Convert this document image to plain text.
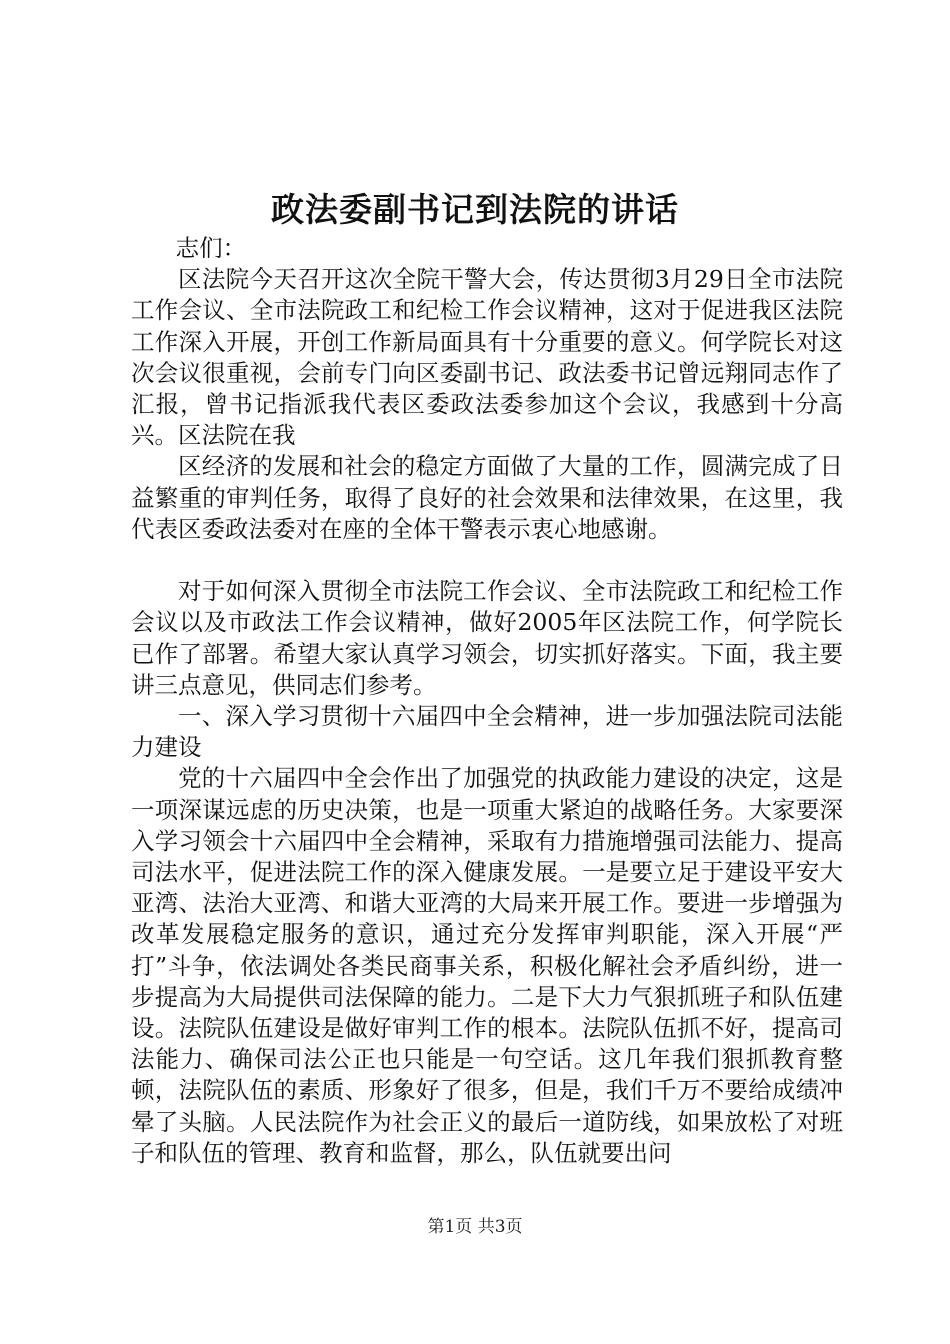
政法委副书记到法院的讲话

志们：

区法院今天召开这次全院干警大会，传达贯彻3月29日全市法院工作会议、全市法院政工和纪检工作会议精神，这对于促进我区法院工作深入开展，开创工作新局面具有十分重要的意义。何学院长对这次会议很重视，会前专门向区委副书记、政法委书记曾远翔同志作了汇报，曾书记指派我代表区委政法委参加这个会议，我感到十分高兴。区法院在我

区经济的发展和社会的稳定方面做了大量的工作，圆满完成了日益繁重的审判任务，取得了良好的社会效果和法律效果，在这里，我代表区委政法委对在座的全体干警表示衷心地感谢。

对于如何深入贯彻全市法院工作会议、全市法院政工和纪检工作会议以及市政法工作会议精神，做好2005年区法院工作，何学院长已作了部署。希望大家认真学习领会，切实抓好落实。下面，我主要讲三点意见，供同志们参考。

一、深入学习贯彻十六届四中全会精神，进一步加强法院司法能力建设

党的十六届四中全会作出了加强党的执政能力建设的决定，这是一项深谋远虑的历史决策，也是一项重大紧迫的战略任务。大家要深入学习领会十六届四中全会精神，采取有力措施增强司法能力、提高司法水平，促进法院工作的深入健康发展。一是要立足于建设平安大亚湾、法治大亚湾、和谐大亚湾的大局来开展工作。要进一步增强为改革发展稳定服务的意识，通过充分发挥审判职能，深入开展“严打”斗争，依法调处各类民商事关系，积极化解社会矛盾纠纷，进一步提高为大局提供司法保障的能力。二是下大力气狠抓班子和队伍建设。法院队伍建设是做好审判工作的根本。法院队伍抓不好，提高司法能力、确保司法公正也只能是一句空话。这几年我们狠抓教育整顿，法院队伍的素质、形象好了很多，但是，我们千万不要给成绩冲晕了头脑。人民法院作为社会正义的最后一道防线，如果放松了对班子和队伍的管理、教育和监督，那么，队伍就要出问

第1页 共3页
